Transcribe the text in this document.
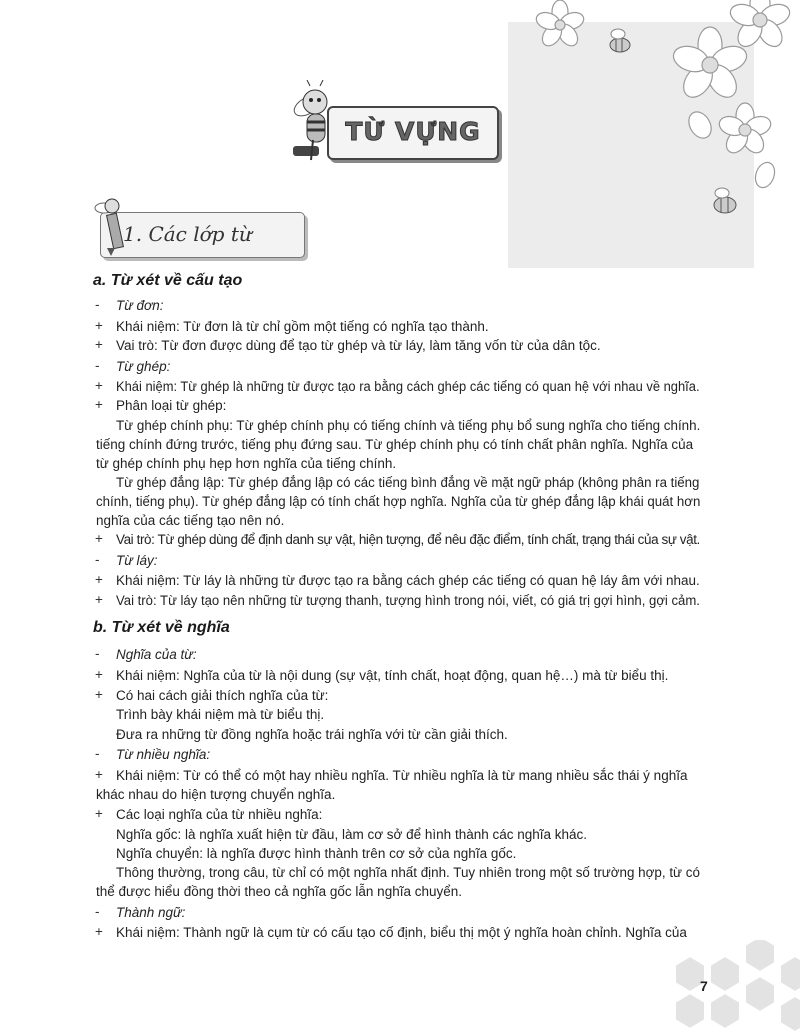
TỪ VỰNG
1. Các lớp từ
a. Từ xét về cấu tạo
b. Từ xét về nghĩa
- Từ đơn:
+ Khái niệm: Từ đơn là từ chỉ gồm một tiếng có nghĩa tạo thành.
+ Vai trò: Từ đơn được dùng để tạo từ ghép và từ láy, làm tăng vốn từ của dân tộc.
- Từ ghép:
+ Khái niệm: Từ ghép là những từ được tạo ra bằng cách ghép các tiếng có quan hệ với nhau về nghĩa.
+ Phân loại từ ghép:
Từ ghép chính phụ: Từ ghép chính phụ có tiếng chính và tiếng phụ bổ sung nghĩa cho tiếng chính.
tiếng chính đứng trước, tiếng phụ đứng sau. Từ ghép chính phụ có tính chất phân nghĩa. Nghĩa của
từ ghép chính phụ hẹp hơn nghĩa của tiếng chính.
Từ ghép đẳng lập: Từ ghép đẳng lập có các tiếng bình đẳng về mặt ngữ pháp (không phân ra tiếng
chính, tiếng phụ). Từ ghép đẳng lập có tính chất hợp nghĩa. Nghĩa của từ ghép đẳng lập khái quát hơn
nghĩa của các tiếng tạo nên nó.
+ Vai trò: Từ ghép dùng để định danh sự vật, hiện tượng, để nêu đặc điểm, tính chất, trạng thái của sự vật.
- Từ láy:
+ Khái niệm: Từ láy là những từ được tạo ra bằng cách ghép các tiếng có quan hệ láy âm với nhau.
+ Vai trò: Từ láy tạo nên những từ tượng thanh, tượng hình trong nói, viết, có giá trị gợi hình, gợi cảm.
- Nghĩa của từ:
+ Khái niệm: Nghĩa của từ là nội dung (sự vật, tính chất, hoạt động, quan hệ…) mà từ biểu thị.
+ Có hai cách giải thích nghĩa của từ:
Trình bày khái niệm mà từ biểu thị.
Đưa ra những từ đồng nghĩa hoặc trái nghĩa với từ cần giải thích.
- Từ nhiều nghĩa:
+ Khái niệm: Từ có thể có một hay nhiều nghĩa. Từ nhiều nghĩa là từ mang nhiều sắc thái ý nghĩa
khác nhau do hiện tượng chuyển nghĩa.
+ Các loại nghĩa của từ nhiều nghĩa:
Nghĩa gốc: là nghĩa xuất hiện từ đầu, làm cơ sở để hình thành các nghĩa khác.
Nghĩa chuyển: là nghĩa được hình thành trên cơ sở của nghĩa gốc.
Thông thường, trong câu, từ chỉ có một nghĩa nhất định. Tuy nhiên trong một số trường hợp, từ có
thể được hiểu đồng thời theo cả nghĩa gốc lẫn nghĩa chuyển.
- Thành ngữ:
+ Khái niệm: Thành ngữ là cụm từ có cấu tạo cố định, biểu thị một ý nghĩa hoàn chỉnh. Nghĩa của
7
